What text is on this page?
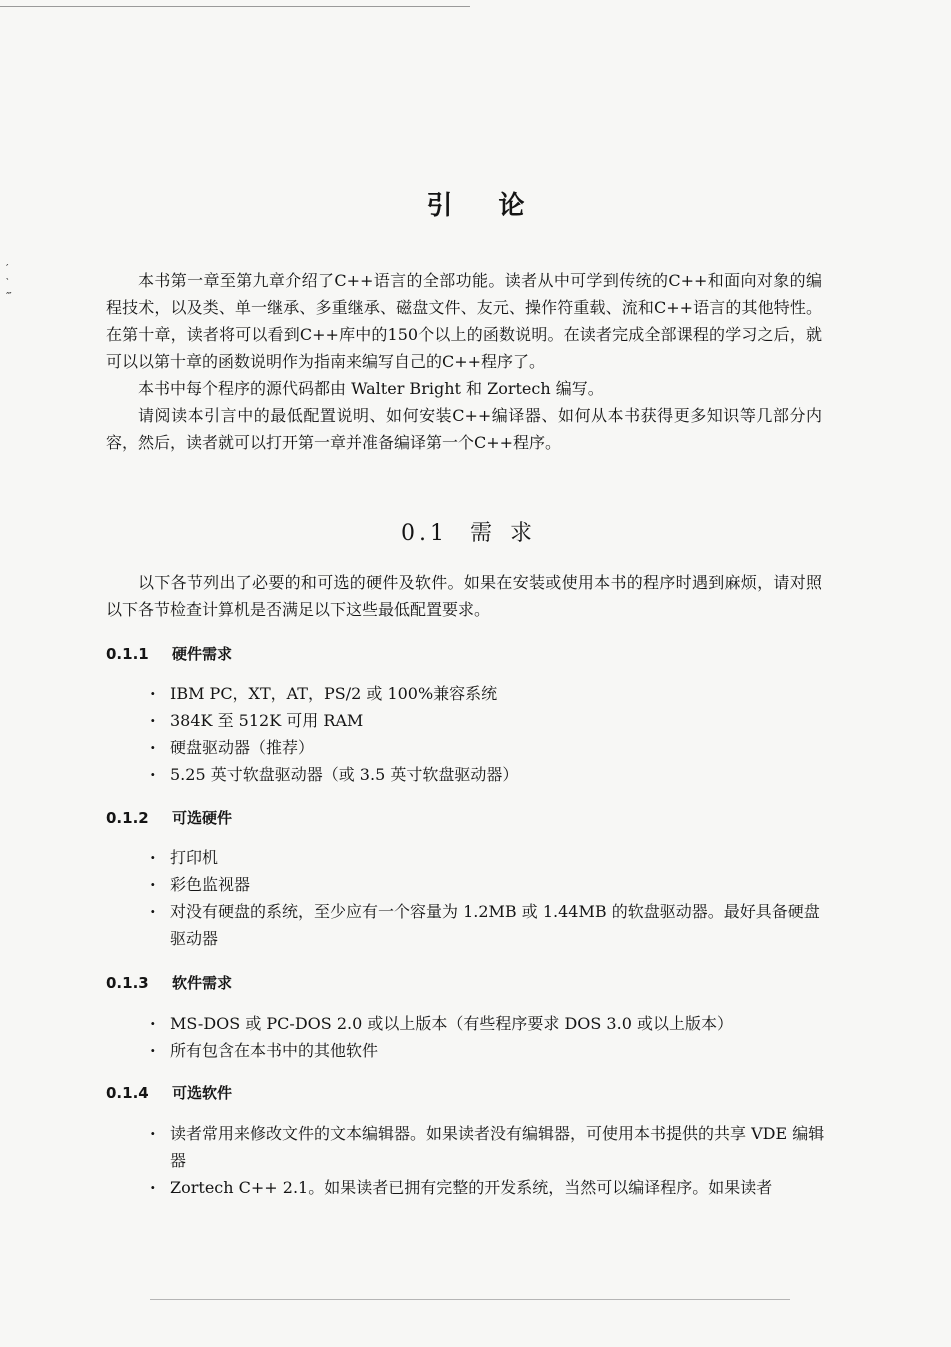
′
‵
‴
引论

本书第一章至第九章介绍了C++语言的全部功能。读者从中可学到传统的C++和面向对象的编程技术，以及类、单一继承、多重继承、磁盘文件、友元、操作符重载、流和C++语言的其他特性。在第十章，读者将可以看到C++库中的150个以上的函数说明。在读者完成全部课程的学习之后，就可以以第十章的函数说明作为指南来编写自己的C++程序了。

本书中每个程序的源代码都由 Walter Bright 和 Zortech 编写。

请阅读本引言中的最低配置说明、如何安装C++编译器、如何从本书获得更多知识等几部分内容，然后，读者就可以打开第一章并准备编译第一个C++程序。

0.1 需求

以下各节列出了必要的和可选的硬件及软件。如果在安装或使用本书的程序时遇到麻烦，请对照以下各节检查计算机是否满足以下这些最低配置要求。

0.1.1 硬件需求
· IBM PC，XT，AT，PS/2 或 100%兼容系统
· 384K 至 512K 可用 RAM
· 硬盘驱动器（推荐）
· 5.25 英寸软盘驱动器（或 3.5 英寸软盘驱动器）
0.1.2 可选硬件
· 打印机
· 彩色监视器
· 对没有硬盘的系统，至少应有一个容量为 1.2MB 或 1.44MB 的软盘驱动器。最好具备硬盘驱动器
0.1.3 软件需求
· MS-DOS 或 PC-DOS 2.0 或以上版本（有些程序要求 DOS 3.0 或以上版本）
· 所有包含在本书中的其他软件
0.1.4 可选软件
· 读者常用来修改文件的文本编辑器。如果读者没有编辑器，可使用本书提供的共享 VDE 编辑器
· Zortech C++ 2.1。如果读者已拥有完整的开发系统，当然可以编译程序。如果读者
